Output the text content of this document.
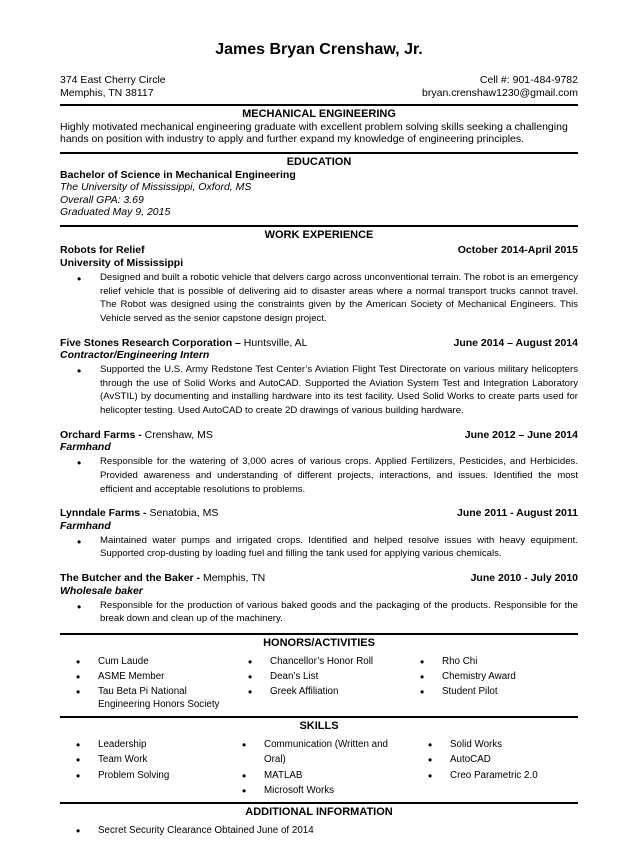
James Bryan Crenshaw, Jr.
374 East Cherry Circle
Memphis, TN 38117
Cell #: 901-484-9782
bryan.crenshaw1230@gmail.com
MECHANICAL ENGINEERING
Highly motivated mechanical engineering graduate with excellent problem solving skills seeking a challenging hands on position with industry to apply and further expand my knowledge of engineering principles.
EDUCATION
Bachelor of Science in Mechanical Engineering
The University of Mississippi, Oxford, MS
Overall GPA: 3.69
Graduated May 9, 2015
WORK EXPERIENCE
Robots for Relief	October 2014-April 2015
University of Mississippi
• Designed and built a robotic vehicle that delvers cargo across unconventional terrain. The robot is an emergency relief vehicle that is possible of delivering aid to disaster areas where a normal transport trucks cannot travel. The Robot was designed using the constraints given by the American Society of Mechanical Engineers. This Vehicle served as the senior capstone design project.
Five Stones Research Corporation – Huntsville, AL	June 2014 – August 2014
Contractor/Engineering Intern
• Supported the U.S. Army Redstone Test Center’s Aviation Flight Test Directorate on various military helicopters through the use of Solid Works and AutoCAD. Supported the Aviation System Test and Integration Laboratory (AvSTIL) by documenting and installing hardware into its test facility. Used Solid Works to create parts used for helicopter testing. Used AutoCAD to create 2D drawings of various building hardware.
Orchard Farms - Crenshaw, MS	June 2012 – June 2014
Farmhand
• Responsible for the watering of 3,000 acres of various crops. Applied Fertilizers, Pesticides, and Herbicides. Provided awareness and understanding of different projects, interactions, and issues. Identified the most efficient and acceptable resolutions to problems.
Lynndale Farms - Senatobia, MS	June 2011 - August 2011
Farmhand
• Maintained water pumps and irrigated crops. Identified and helped resolve issues with heavy equipment. Supported crop-dusting by loading fuel and filling the tank used for applying various chemicals.
The Butcher and the Baker - Memphis, TN	June 2010 - July 2010
Wholesale baker
• Responsible for the production of various baked goods and the packaging of the products. Responsible for the break down and clean up of the machinery.
HONORS/ACTIVITIES
• Cum Laude
• ASME Member
• Tau Beta Pi National
Engineering Honors Society
• Chancellor’s Honor Roll
• Dean’s List
• Greek Affiliation
• Rho Chi
• Chemistry Award
• Student Pilot
SKILLS
• Leadership
• Team Work
• Problem Solving
• Communication (Written and Oral)
• MATLAB
• Microsoft Works
• Solid Works
• AutoCAD
• Creo Parametric 2.0
ADDITIONAL INFORMATION
• Secret Security Clearance Obtained June of 2014
